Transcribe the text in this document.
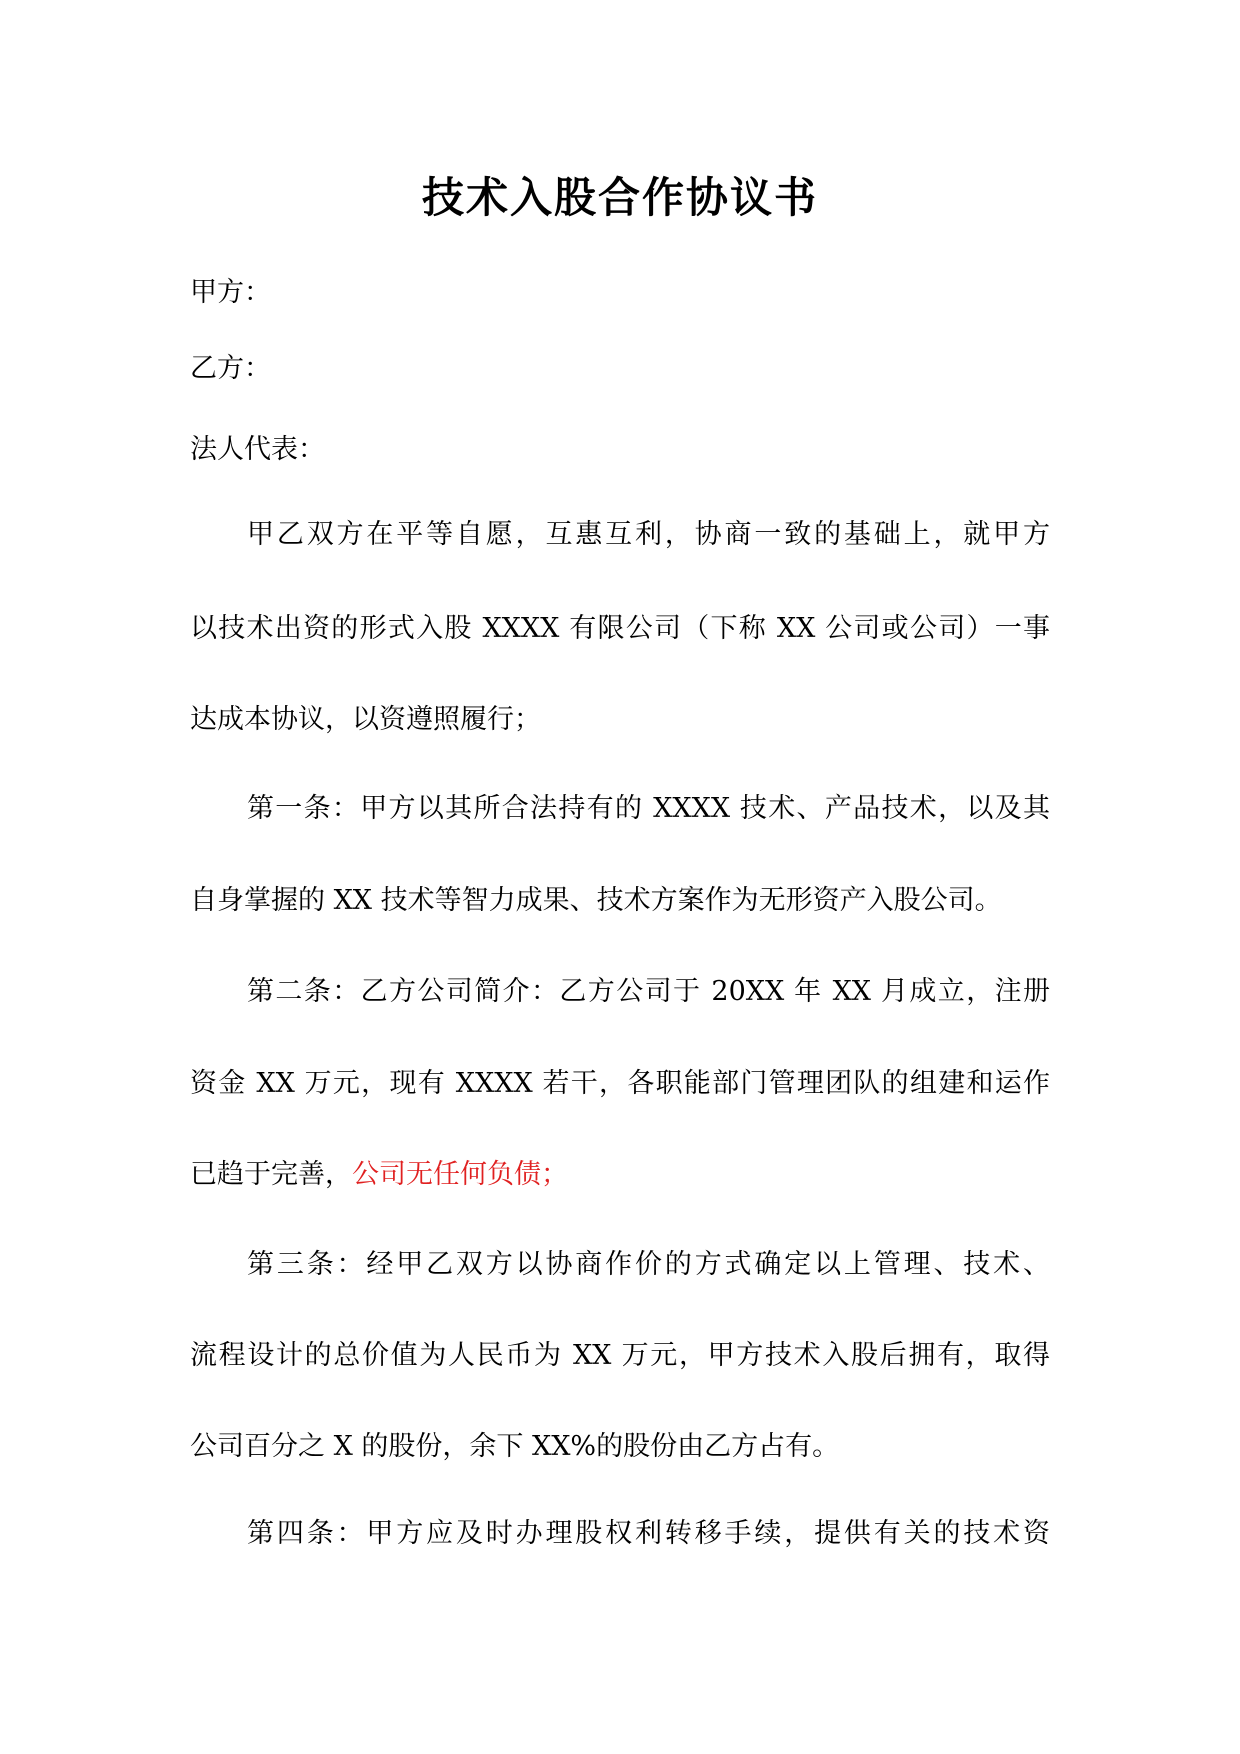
技术入股合作协议书
甲方：
乙方：
法人代表：
甲乙双方在平等自愿，互惠互利，协商一致的基础上，就甲方
以技术出资的形式入股 XXXX 有限公司（下称 XX 公司或公司）一事
达成本协议，以资遵照履行；
第一条：甲方以其所合法持有的 XXXX 技术、产品技术，以及其
自身掌握的 XX 技术等智力成果、技术方案作为无形资产入股公司。
第二条：乙方公司简介：乙方公司于 20XX 年 XX 月成立，注册
资金 XX 万元，现有 XXXX 若干，各职能部门管理团队的组建和运作
已趋于完善，公司无任何负债；
第三条：经甲乙双方以协商作价的方式确定以上管理、技术、
流程设计的总价值为人民币为 XX 万元，甲方技术入股后拥有，取得
公司百分之 X 的股份，余下 XX%的股份由乙方占有。
第四条：甲方应及时办理股权利转移手续，提供有关的技术资
